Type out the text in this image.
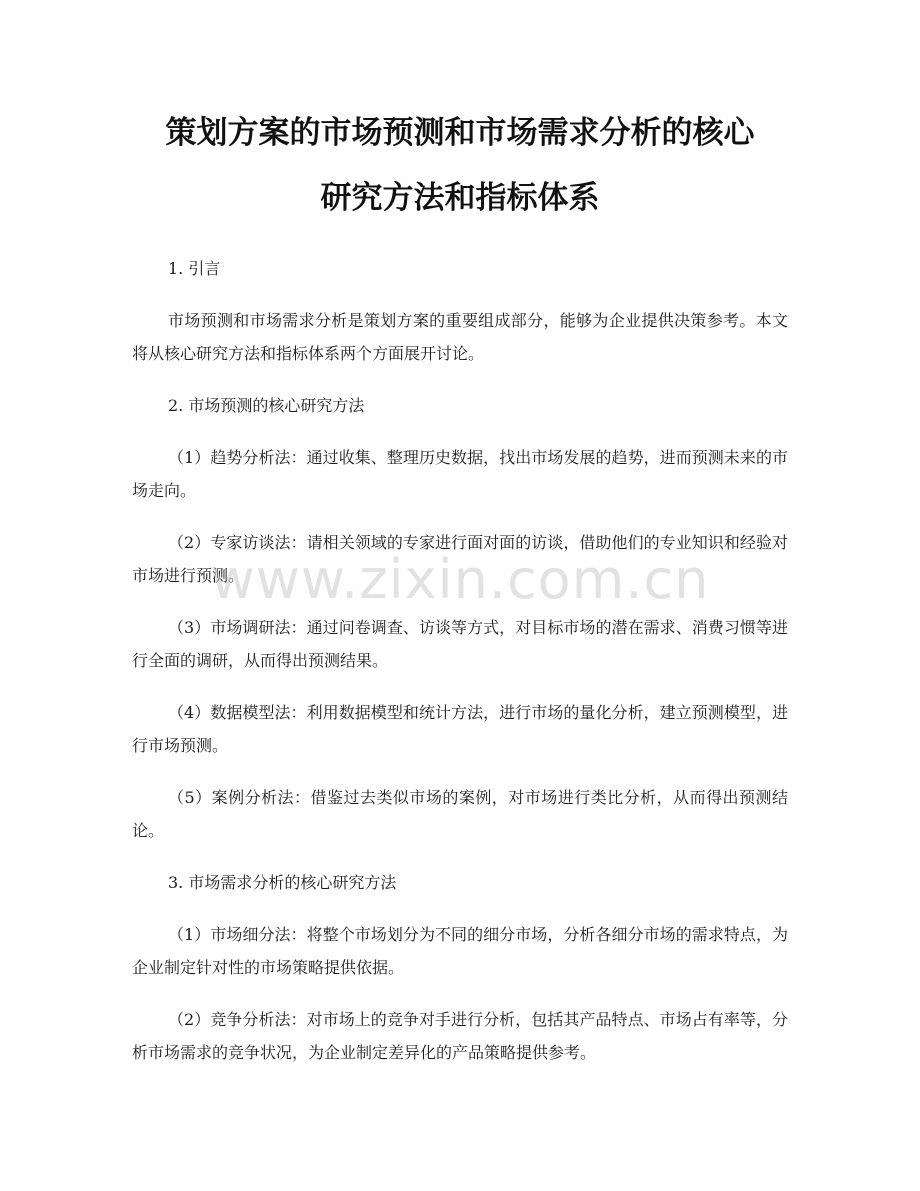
策划方案的市场预测和市场需求分析的核心
研究方法和指标体系

1. 引言

市场预测和市场需求分析是策划方案的重要组成部分，能够为企业提供决策参考。本文将从核心研究方法和指标体系两个方面展开讨论。

2. 市场预测的核心研究方法

（1）趋势分析法：通过收集、整理历史数据，找出市场发展的趋势，进而预测未来的市场走向。

（2）专家访谈法：请相关领域的专家进行面对面的访谈，借助他们的专业知识和经验对市场进行预测。

（3）市场调研法：通过问卷调查、访谈等方式，对目标市场的潜在需求、消费习惯等进行全面的调研，从而得出预测结果。

（4）数据模型法：利用数据模型和统计方法，进行市场的量化分析，建立预测模型，进行市场预测。

（5）案例分析法：借鉴过去类似市场的案例，对市场进行类比分析，从而得出预测结论。

3. 市场需求分析的核心研究方法

（1）市场细分法：将整个市场划分为不同的细分市场，分析各细分市场的需求特点，为企业制定针对性的市场策略提供依据。

（2）竞争分析法：对市场上的竞争对手进行分析，包括其产品特点、市场占有率等，分析市场需求的竞争状况，为企业制定差异化的产品策略提供参考。

www.zixin.com.cn
